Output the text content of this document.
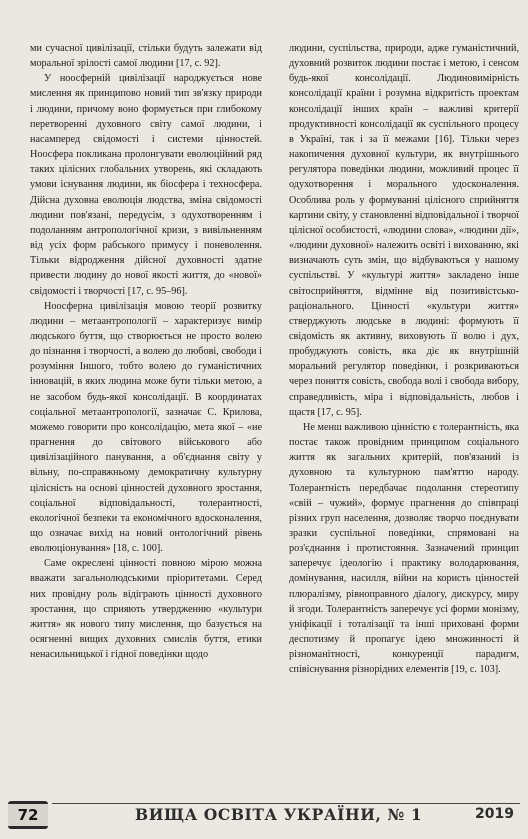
ми сучасної цивілізації, стільки будуть залежати від моральної зрілості самої людини [17, с. 92].

У ноосферній цивілізації народжується нове мислення як принципово новий тип зв'язку природи і людини, причому воно формується при глибокому перетворенні духовного світу самої людини, і насамперед свідомості і системи цінностей. Ноосфера покликана пролонгувати еволюційний ряд таких цілісних глобальних утворень, які складають умови існування людини, як біосфера і техносфера. Дійсна духовна еволюція людства, зміна свідомості людини пов'язані, передусім, з одухотворенням і подоланням антропологічної кризи, з вивільненням від усіх форм рабського примусу і поневолення. Тільки відродження дійсної духовності здатне привести людину до нової якості життя, до «нової» свідомості і творчості [17, с. 95–96].

Ноосферна цивілізація мовою теорії розвитку людини – метаантропології – характеризує вимір людського буття, що створюється не просто волею до пізнання і творчості, а волею до любові, свободи і розуміння Іншого, тобто волею до гуманістичних інновацій, в яких людина може бути тільки метою, а не засобом будь-якої консолідації. В координатах соціальної метаантропології, зазначає С. Крилова, можемо говорити про консолідацію, мета якої – «не прагнення до світового військового або цивілізаційного панування, а об'єднання світу у вільну, по-справжньому демократичну культурну цілісність на основі цінностей духовного зростання, соціальної відповідальності, толерантності, екологічної безпеки та економічного вдосконалення, що означає вихід на новий онтологічний рівень еволюціонування» [18, с. 100].

Саме окреслені цінності повною мірою можна вважати загальнолюдськими пріоритетами. Серед них провідну роль відіграють цінності духовного зростання, що сприяють утвердженню «культури життя» як нового типу мислення, що базується на осягненні вищих духовних смислів буття, етики ненасильницької і гідної поведінки щодо

людини, суспільства, природи, адже гуманістичний, духовний розвиток людини постає і метою, і сенсом будь-якої консолідації. Людиновимірність консолідації країни і розумна відкритість проектам консолідації інших країн – важливі критерії продуктивності консолідації як суспільного процесу в Україні, так і за її межами [16]. Тільки через накопичення духовної культури, як внутрішнього регулятора поведінки людини, можливий процес її одухотворення і морального удосконалення. Особлива роль у формуванні цілісного сприйняття картини світу, у становленні відповідальної і творчої цілісної особистості, «людини слова», «людини дії», «людини духовної» належить освіті і вихованню, які визначають суть змін, що відбуваються у нашому суспільстві. У «культурі життя» закладено інше світосприйняття, відмінне від позитивістсько-раціонального. Цінності «культури життя» стверджують людське в людині: формують її свідомість як активну, виховують її волю і дух, пробуджують совість, яка діє як внутрішній моральний регулятор поведінки, і розкриваються через поняття совість, свобода волі і свобода вибору, справедливість, міра і відповідальність, любов і щастя [17, с. 95].

Не менш важливою цінністю є толерантність, яка постає також провідним принципом соціального життя як загальних критерій, пов'язаний із духовною та культурною пам'яттю народу. Толерантність передбачає подолання стереотипу «свій – чужий», формує прагнення до співпраці різних груп населення, дозволяє творчо поєднувати зразки суспільної поведінки, спрямовані на роз'єднання і протистояння. Зазначений принцип заперечує ідеологію і практику володарювання, домінування, насилля, війни на користь цінностей плюралізму, рівноправного діалогу, дискурсу, миру й згоди. Толерантність заперечує усі форми монізму, уніфікації і тоталізації та інші приховані форми деспотизму й пропагує ідею множинності й різноманітності, конкуренції парадигм, співіснування різнорідних елементів [19, с. 103].

72	ВИЩА ОСВІТА УКРАЇНИ, № 1	2019
